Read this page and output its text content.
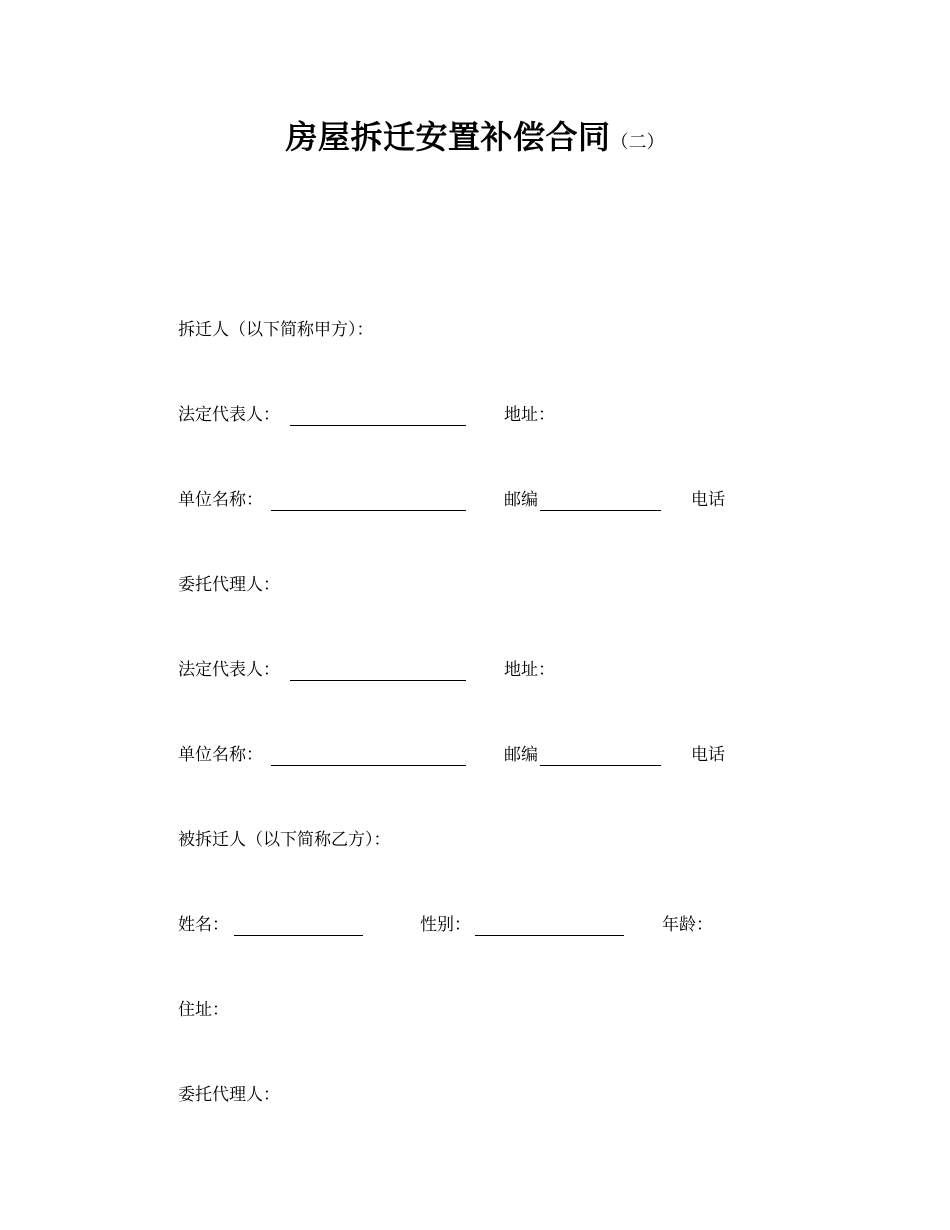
房屋拆迁安置补偿合同（二）
拆迁人（以下简称甲方）：
法定代表人：	地址：
单位名称：	邮编	电话
委托代理人：
法定代表人：	地址：
单位名称：	邮编	电话
被拆迁人（以下简称乙方）：
姓名：	性别：	年龄：
住址：
委托代理人：
